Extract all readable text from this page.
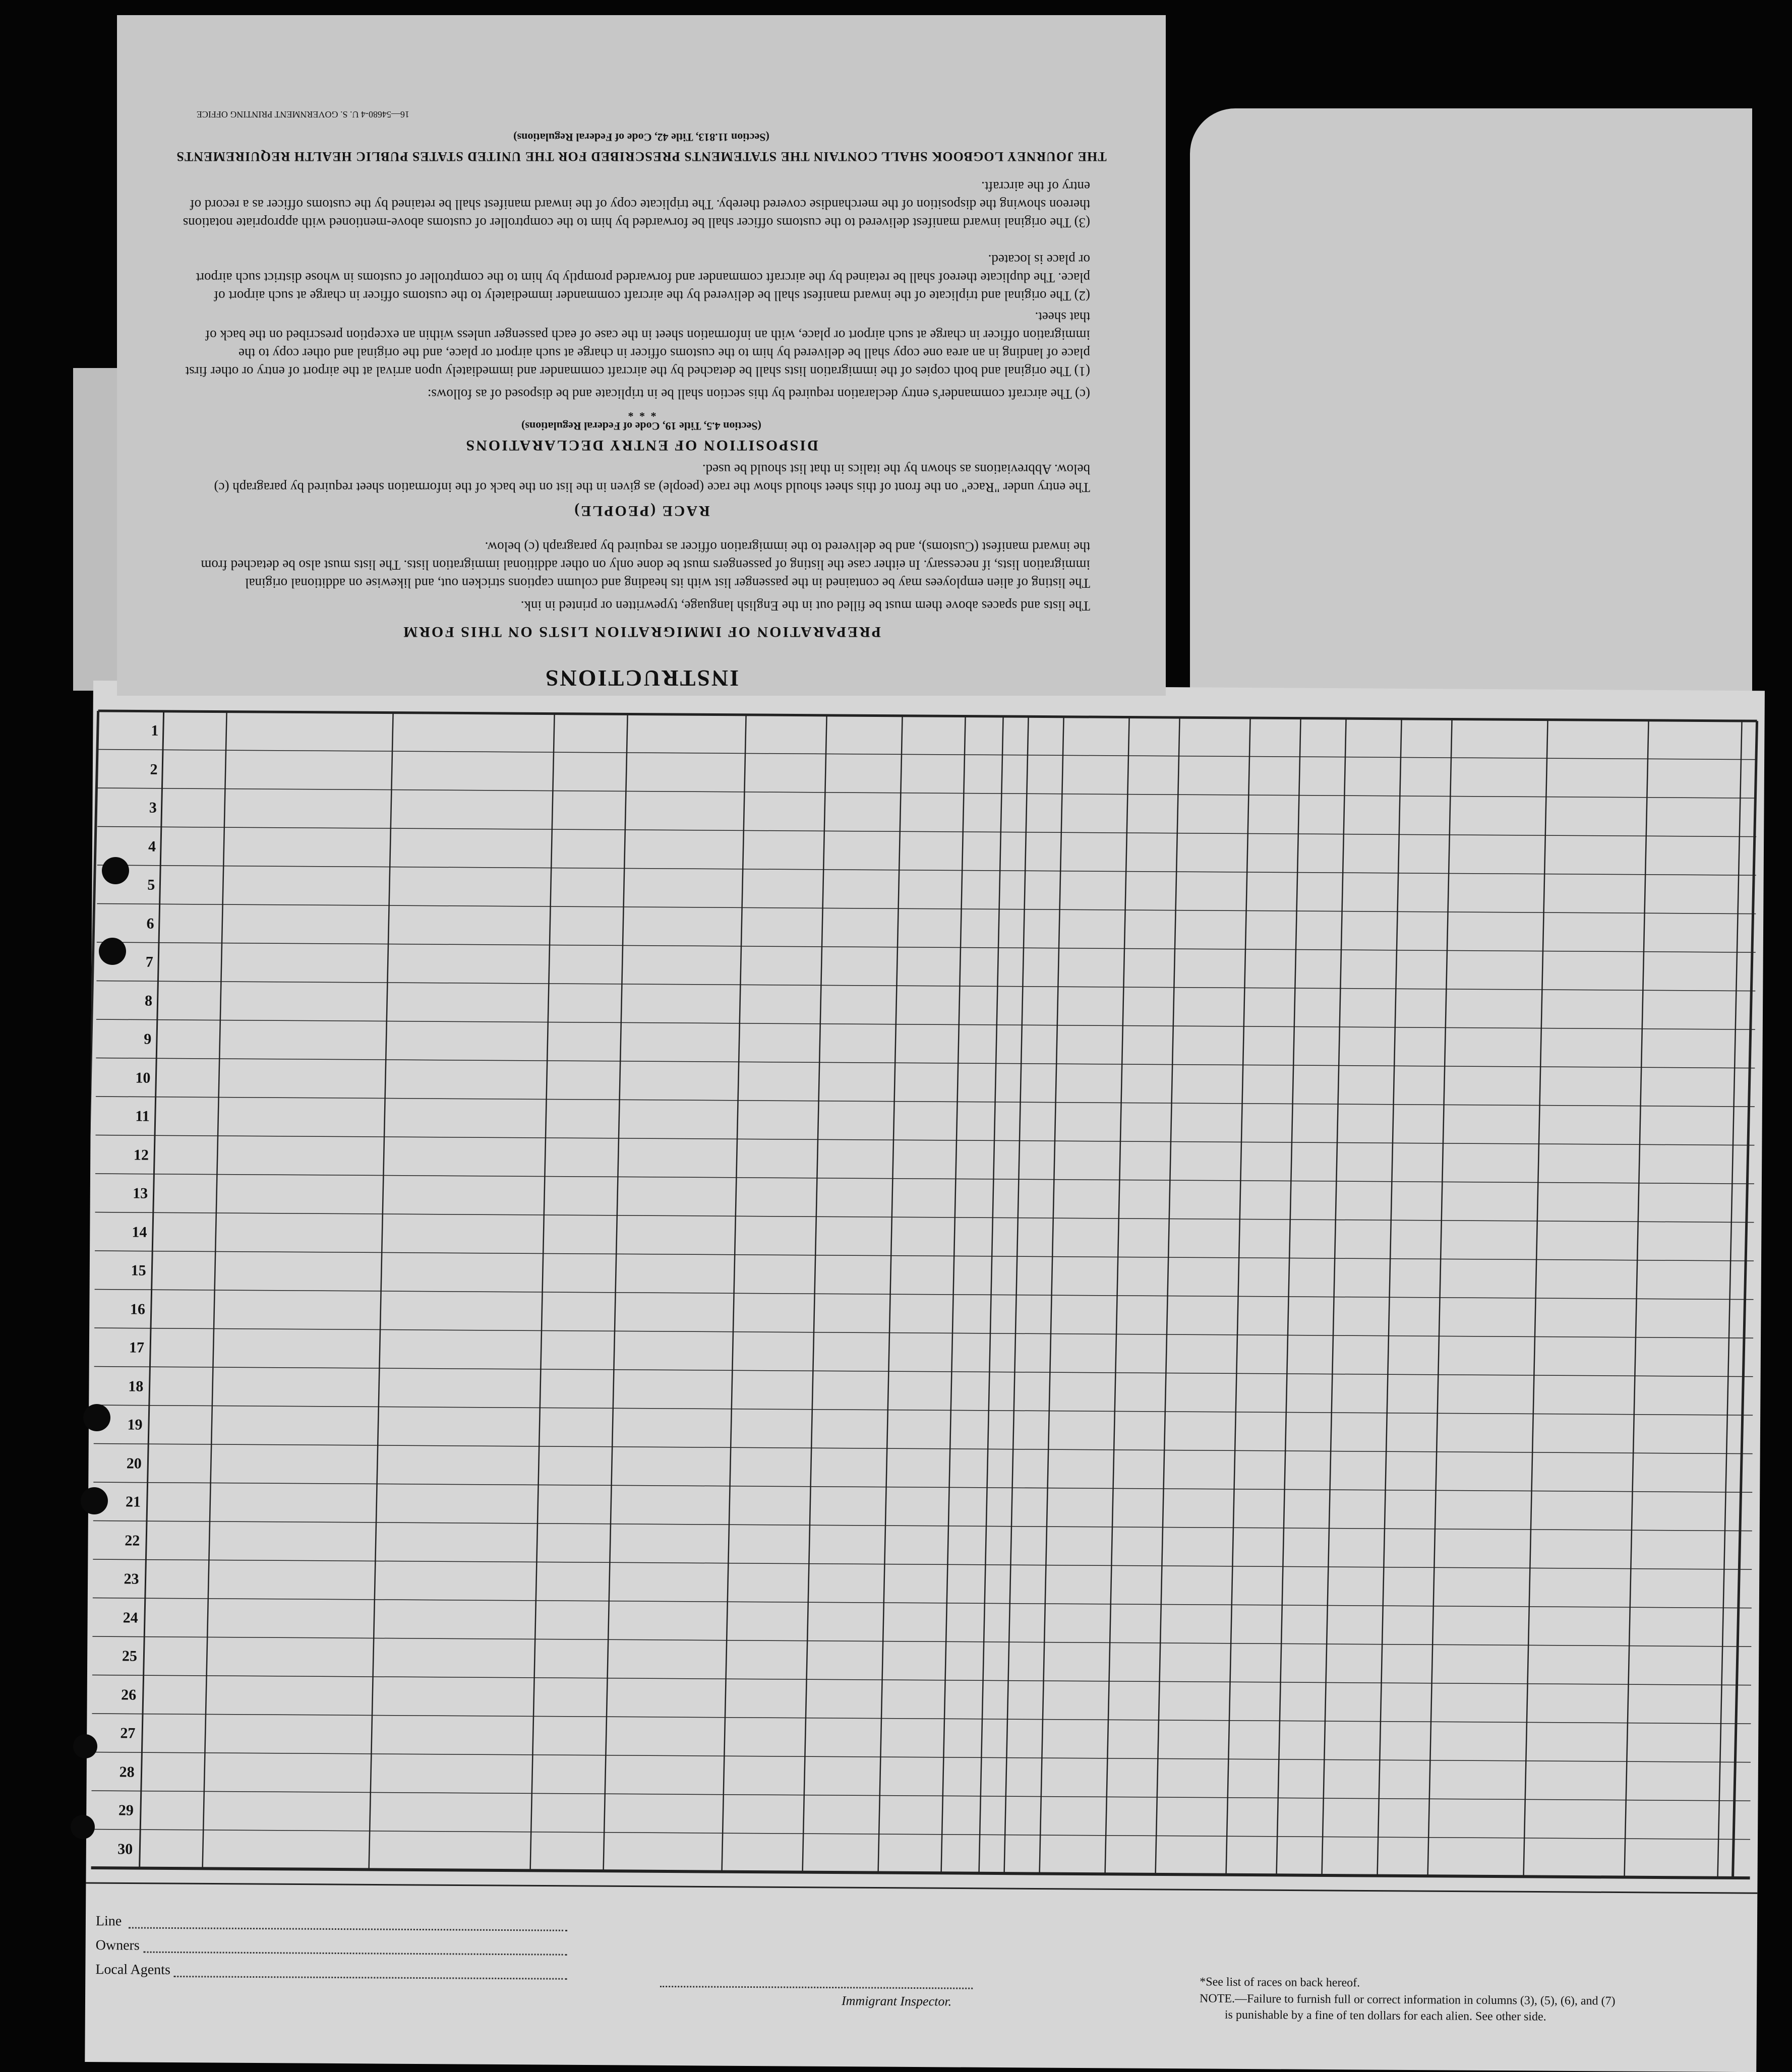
1
2
3
4
5
6
7
8
9
10
11
12
13
14
15
16
17
18
19
20
21
22
23
24
25
26
27
28
29
30
Line
Owners
Local Agents
Immigrant Inspector.
*See list of races on back hereof.
NOTE.—Failure to furnish full or correct information in columns (3), (5), (6), and (7)
is punishable by a fine of ten dollars for each alien. See other side.
INSTRUCTIONS
PREPARATION OF IMMIGRATION LISTS ON THIS FORM
The lists and spaces above them must be filled out in the English language, typewritten or printed in ink.
The listing of alien employees may be contained in the passenger list with its heading and column captions stricken out, and likewise on additional original immigration lists, if necessary. In either case the listing of passengers must be done only on other additional immigration lists. The lists must also be detached from the inward manifest (Customs), and be delivered to the immigration officer as required by paragraph (c) below.
RACE (PEOPLE)
The entry under "Race" on the front of this sheet should show the race (people) as given in the list on the back of the information sheet required by paragraph (c) below. Abbreviations as shown by the italics in that list should be used.
DISPOSITION OF ENTRY DECLARATIONS
(Section 4.5, Title 19, Code of Federal Regulations)
* * *
(c) The aircraft commander's entry declaration required by this section shall be in triplicate and be disposed of as follows:
(1) The original and both copies of the immigration lists shall be detached by the aircraft commander and immediately upon arrival at the airport of entry or other first place of landing in an area one copy shall be delivered by him to the customs officer in charge at such airport or place, and the original and other copy to the immigration officer in charge at such airport or place, with an information sheet in the case of each passenger unless within an exception prescribed on the back of that sheet.
(2) The original and triplicate of the inward manifest shall be delivered by the aircraft commander immediately to the customs officer in charge at such airport of place. The duplicate thereof shall be retained by the aircraft commander and forwarded promptly by him to the comptroller of customs in whose district such airport or place is located.
(3) The original inward manifest delivered to the customs officer shall be forwarded by him to the comptroller of customs above-mentioned with appropriate notations thereon showing the disposition of the merchandise covered thereby. The triplicate copy of the inward manifest shall be retained by the customs officer as a record of entry of the aircraft.
THE JOURNEY LOGBOOK SHALL CONTAIN THE STATEMENTS PRESCRIBED FOR THE UNITED STATES PUBLIC HEALTH REQUIREMENTS
(Section 11.813, Title 42, Code of Federal Regulations)
16—54680-4 U. S. GOVERNMENT PRINTING OFFICE
